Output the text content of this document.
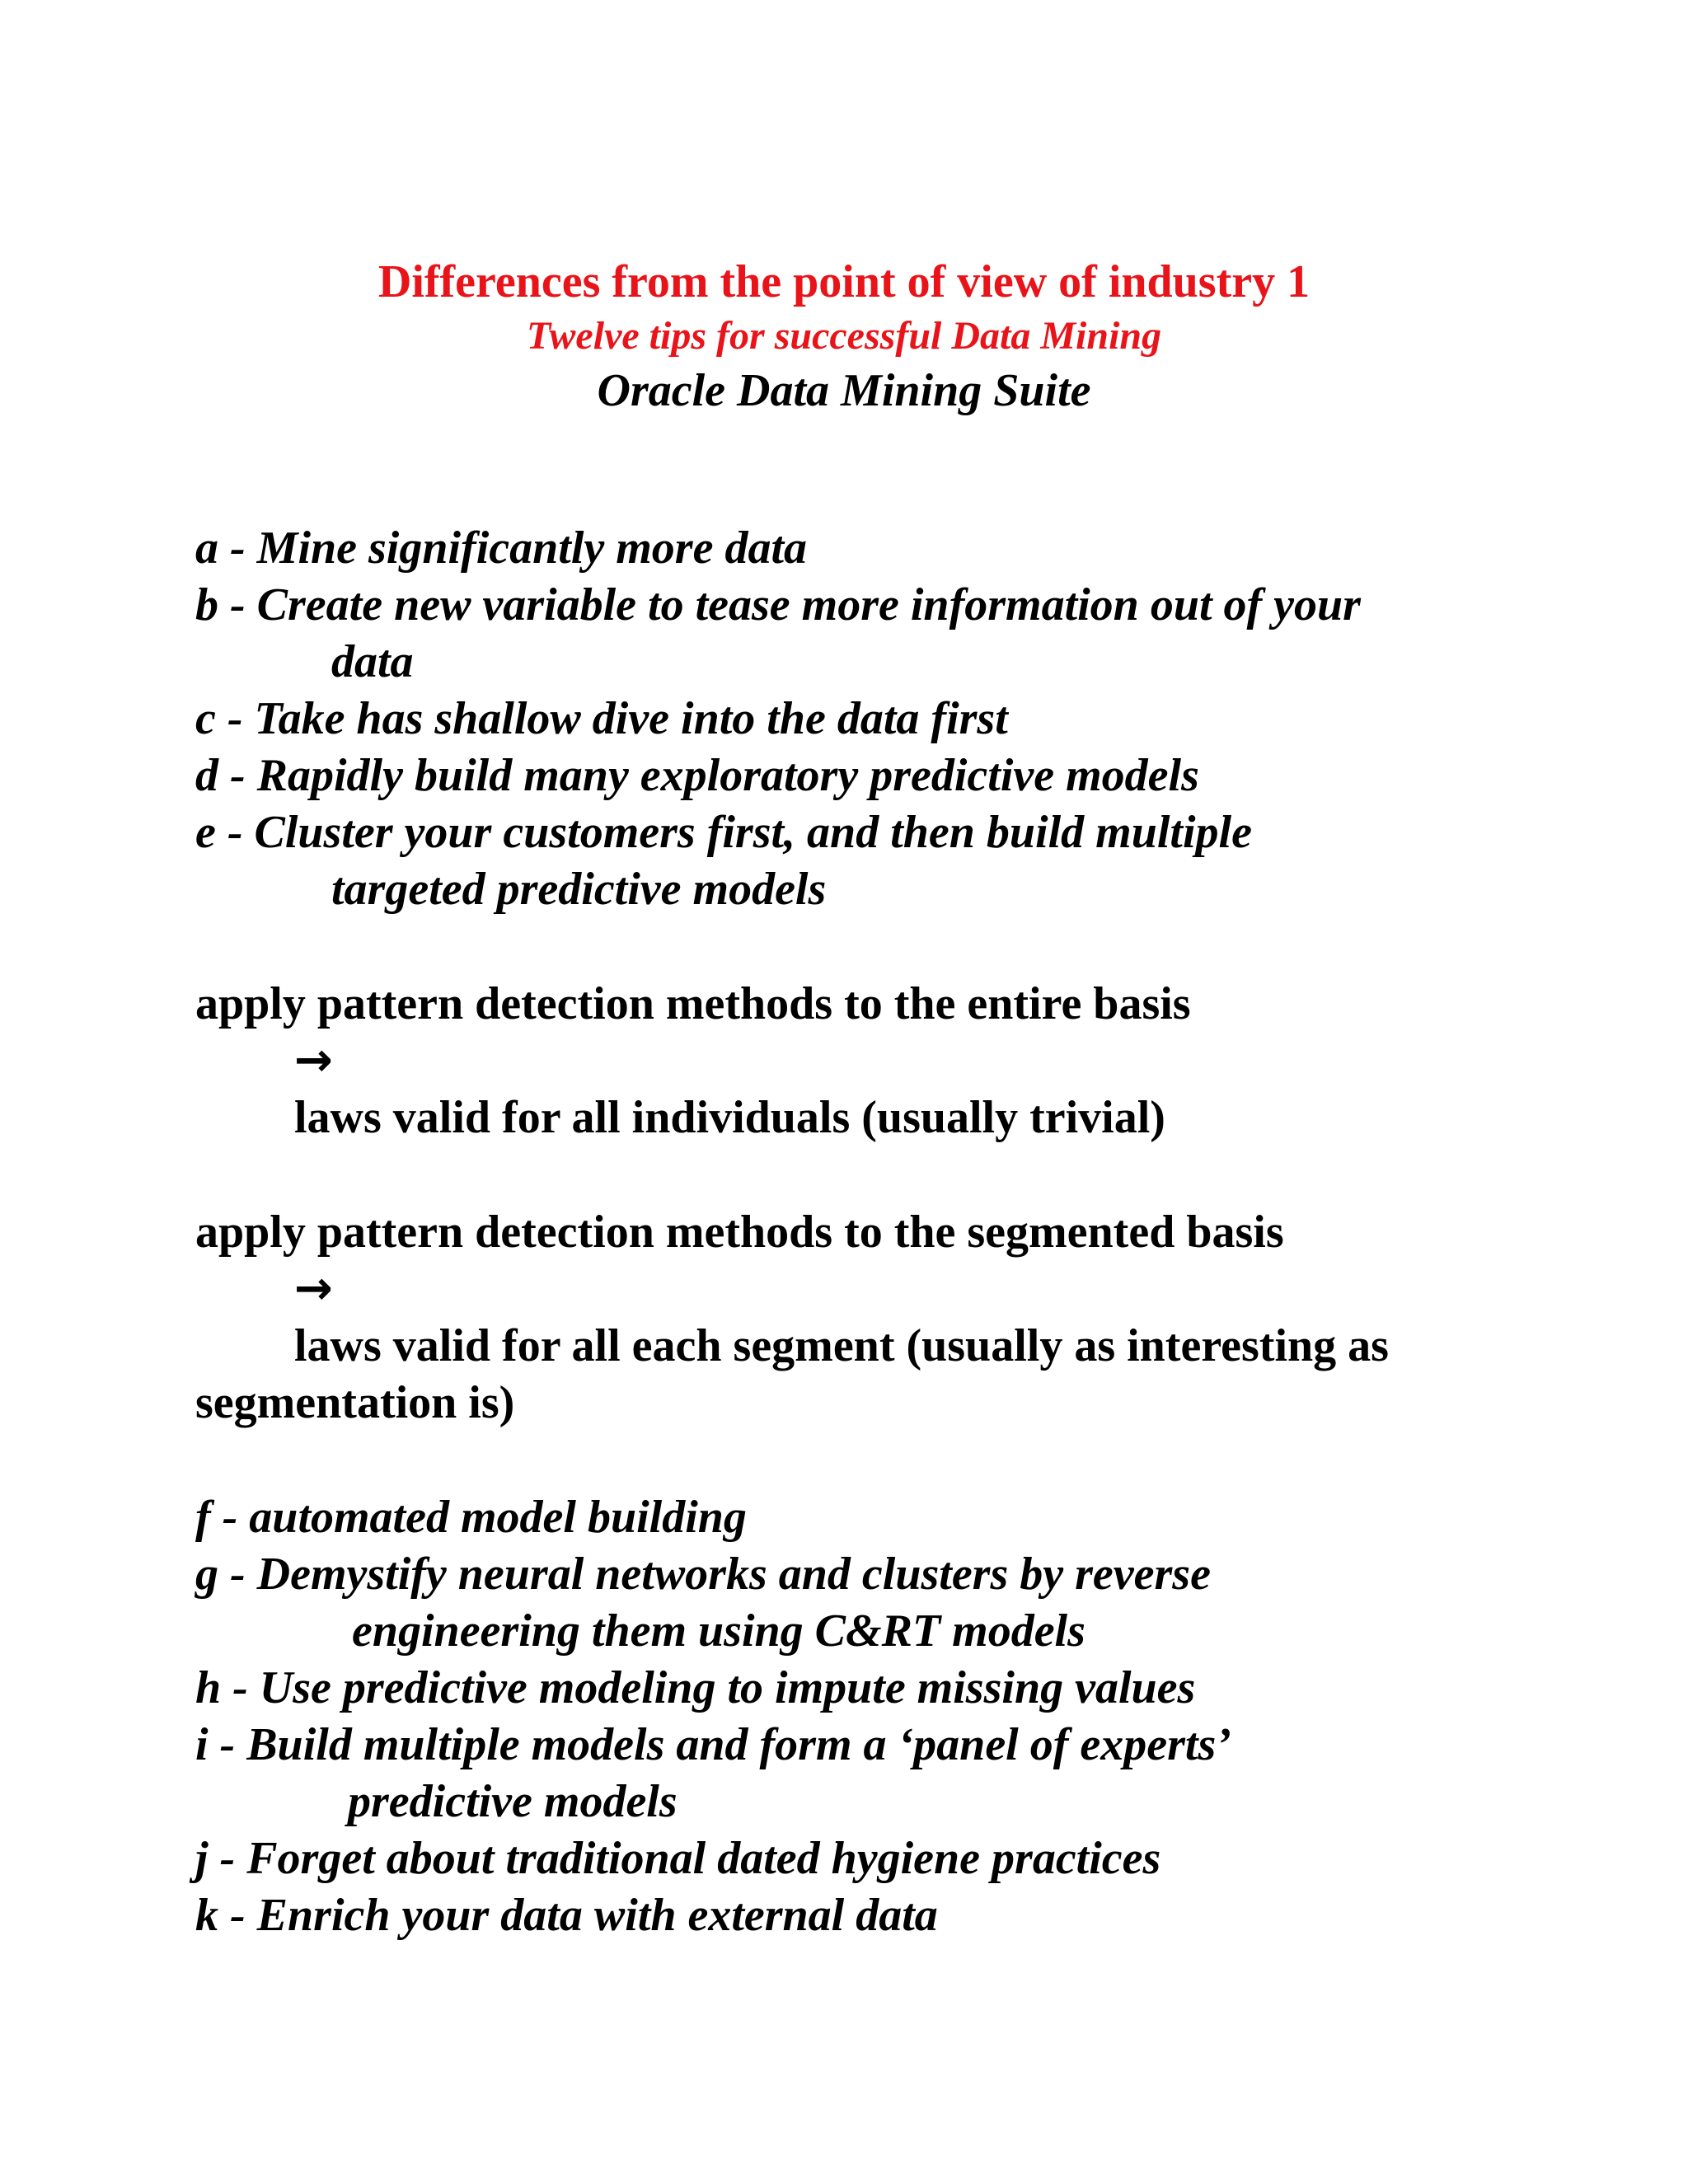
Differences from the point of view of industry 1
Twelve tips for successful Data Mining
Oracle Data Mining Suite
a - Mine significantly more data
b - Create new variable to tease more information out of your
data
c - Take has shallow dive into the data first
d - Rapidly build many exploratory predictive models
e - Cluster your customers first, and then build multiple
targeted predictive models
apply pattern detection methods to the entire basis
→
laws valid for all individuals (usually trivial)
apply pattern detection methods to the segmented basis
→
laws valid for all each segment (usually as interesting as
segmentation is)
f - automated model building
g - Demystify neural networks and clusters by reverse
engineering them using C&RT models
h - Use predictive modeling to impute missing values
i - Build multiple models and form a ‘panel of experts’
predictive models
j - Forget about traditional dated hygiene practices
k - Enrich your data with external data
